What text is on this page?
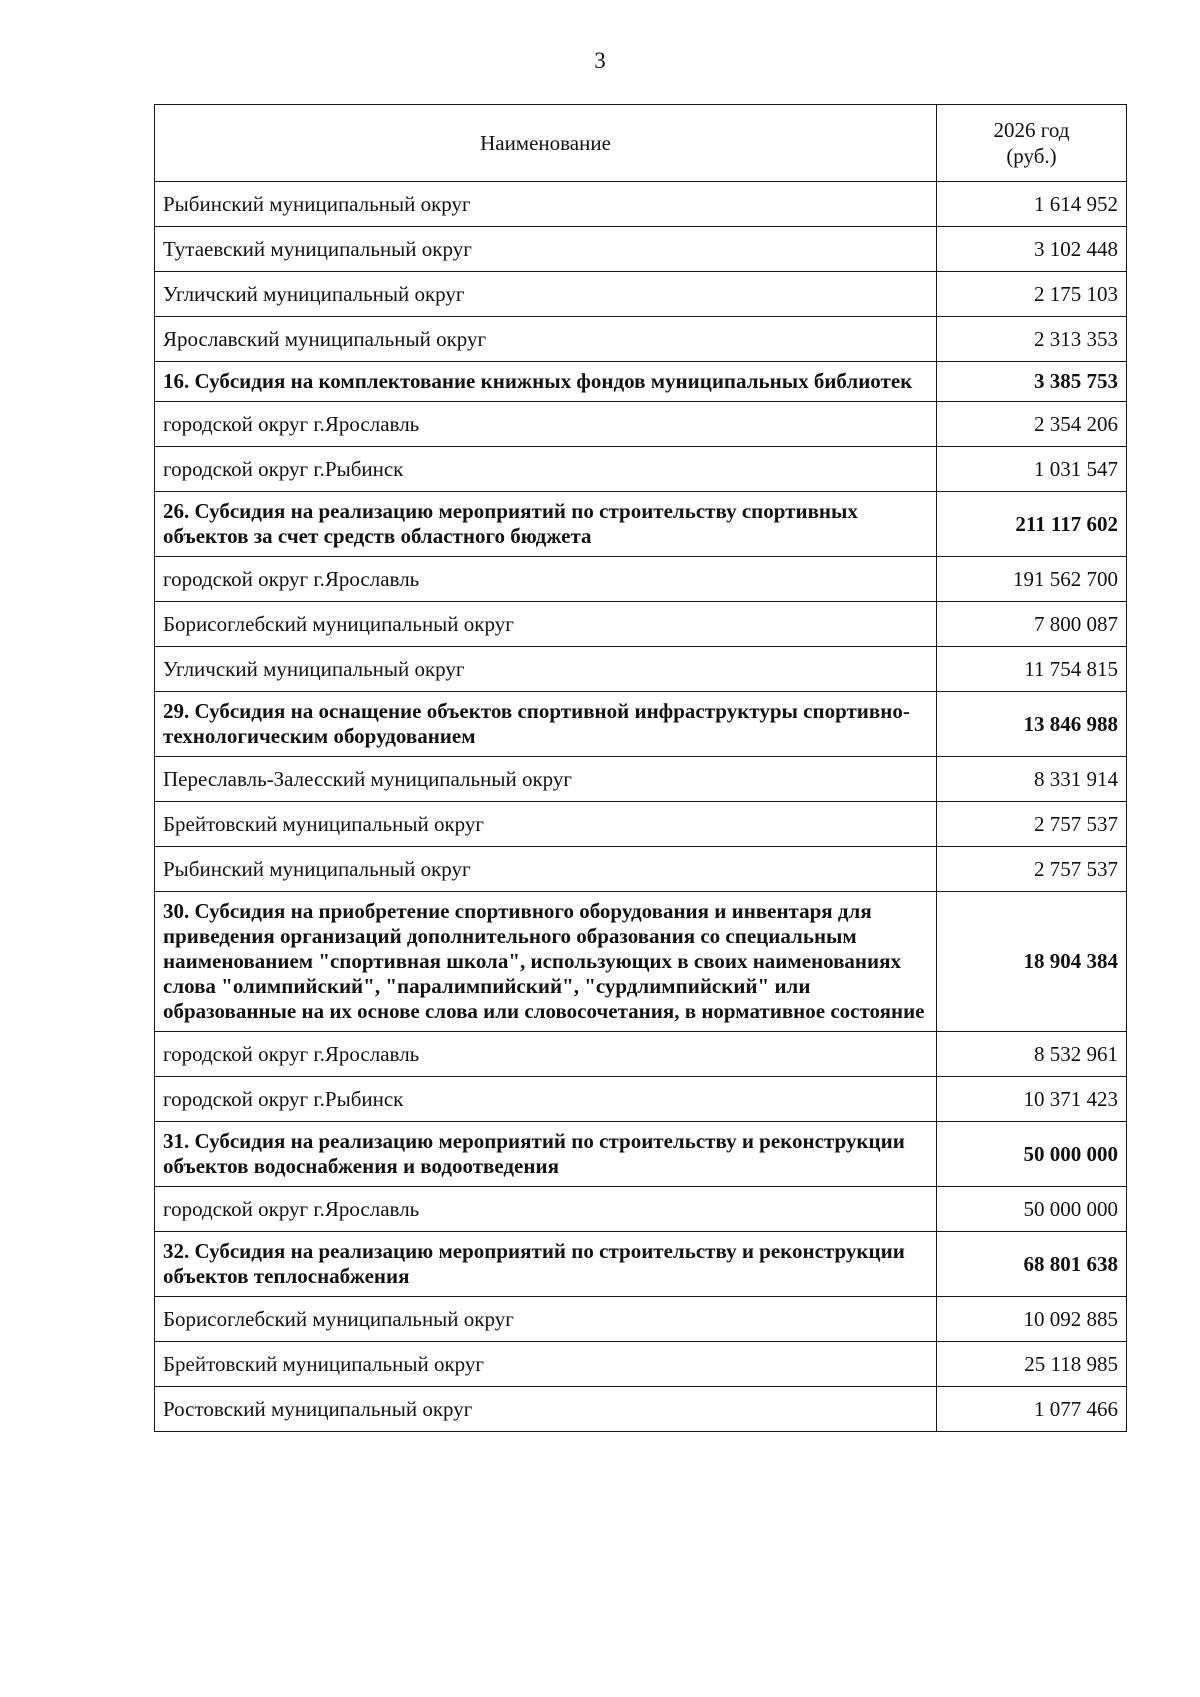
3
Наименование	2026 год
(руб.)

Рыбинский муниципальный округ	1 614 952
Тутаевский муниципальный округ	3 102 448
Угличский муниципальный округ	2 175 103
Ярославский муниципальный округ	2 313 353
16. Субсидия на комплектование книжных фондов муниципальных библиотек	3 385 753
городской округ г.Ярославль	2 354 206
городской округ г.Рыбинск	1 031 547
26. Субсидия на реализацию мероприятий по строительству спортивных объектов за счет средств областного бюджета	211 117 602
городской округ г.Ярославль	191 562 700
Борисоглебский муниципальный округ	7 800 087
Угличский муниципальный округ	11 754 815
29. Субсидия на оснащение объектов спортивной инфраструктуры спортивно-технологическим оборудованием	13 846 988
Переславль-Залесский муниципальный округ	8 331 914
Брейтовский муниципальный округ	2 757 537
Рыбинский муниципальный округ	2 757 537
30. Субсидия на приобретение спортивного оборудования и инвентаря для приведения организаций дополнительного образования со специальным наименованием "спортивная школа", использующих в своих наименованиях слова "олимпийский", "паралимпийский", "сурдлимпийский" или образованные на их основе слова или словосочетания, в нормативное состояние	18 904 384
городской округ г.Ярославль	8 532 961
городской округ г.Рыбинск	10 371 423
31. Субсидия на реализацию мероприятий по строительству и реконструкции объектов водоснабжения и водоотведения	50 000 000
городской округ г.Ярославль	50 000 000
32. Субсидия на реализацию мероприятий по строительству и реконструкции объектов теплоснабжения	68 801 638
Борисоглебский муниципальный округ	10 092 885
Брейтовский муниципальный округ	25 118 985
Ростовский муниципальный округ	1 077 466
